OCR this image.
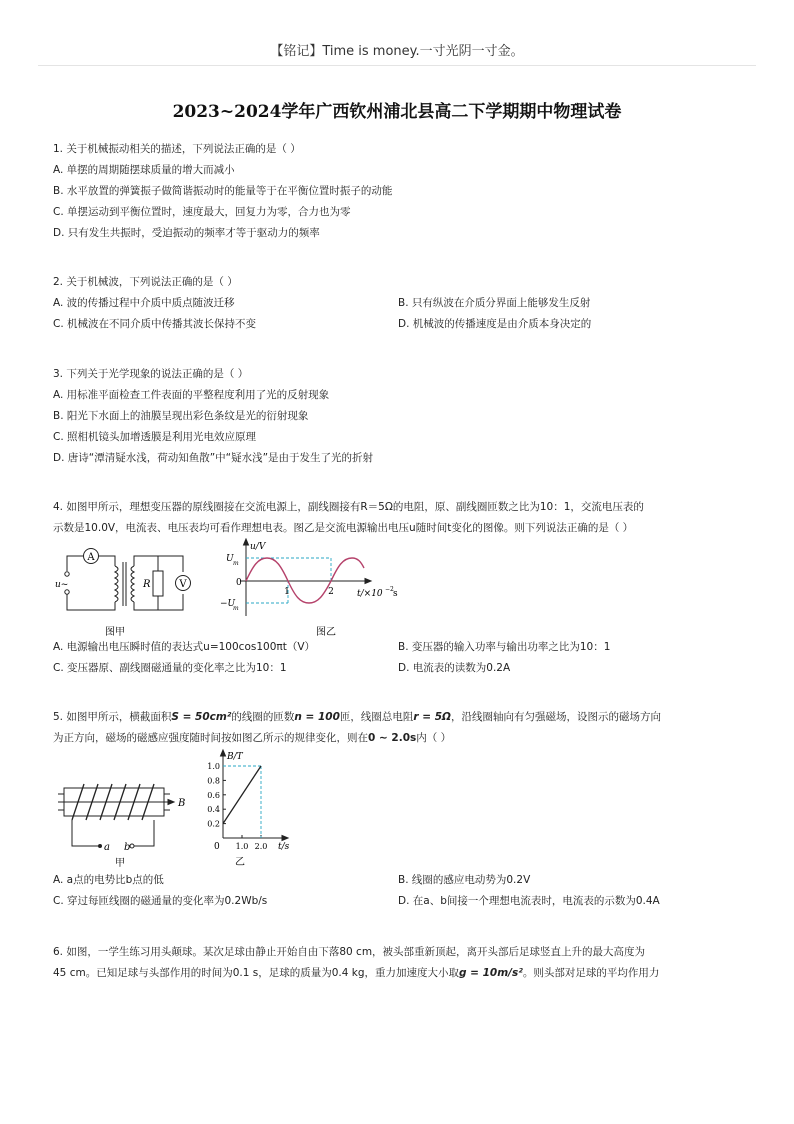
【铭记】Time is money.一寸光阴一寸金。
2023~2024学年广西钦州浦北县高二下学期期中物理试卷
1. 关于机械振动相关的描述，下列说法正确的是（ ）
A. 单摆的周期随摆球质量的增大而减小
B. 水平放置的弹簧振子做简谐振动时的能量等于在平衡位置时振子的动能
C. 单摆运动到平衡位置时，速度最大，回复力为零，合力也为零
D. 只有发生共振时，受迫振动的频率才等于驱动力的频率
2. 关于机械波，下列说法正确的是（ ）
A. 波的传播过程中介质中质点随波迁移	B. 只有纵波在介质分界面上能够发生反射
C. 机械波在不同介质中传播其波长保持不变	D. 机械波的传播速度是由介质本身决定的
3. 下列关于光学现象的说法正确的是（ ）
A. 用标准平面检查工件表面的平整程度利用了光的反射现象
B. 阳光下水面上的油膜呈现出彩色条纹是光的衍射现象
C. 照相机镜头加增透膜是利用光电效应原理
D. 唐诗“潭清疑水浅，荷动知鱼散”中“疑水浅”是由于发生了光的折射
4. 如图甲所示，理想变压器的原线圈接在交流电源上，副线圈接有R＝5Ω的电阻，原、副线圈匝数之比为10：1，交流电压表的
示数是10.0V，电流表、电压表均可看作理想电表。图乙是交流电源输出电压u随时间t变化的图像。则下列说法正确的是（ ）
A
V
u~	R
图甲
u/V
U m
0
−U
m
1	2	t/×10 −2 s
图乙
A. 电源输出电压瞬时值的表达式u=100cos100πt（V）	B. 变压器的输入功率与输出功率之比为10：1
C. 变压器原、副线圈磁通量的变化率之比为10：1	D. 电流表的读数为0.2A
5. 如图甲所示，横截面积S = 50cm²的线圈的匝数n = 100匝，线圈总电阻r = 5Ω，沿线圈轴向有匀强磁场，设图示的磁场方向
为正方向，磁场的磁感应强度随时间按如图乙所示的规律变化，则在0 ∼ 2.0s内（ ）
a b
B
甲
1.0
0.8
0.6
0.4
0.2
1.0 2.0
B/T
0	t/s
乙
A. a点的电势比b点的低	B. 线圈的感应电动势为0.2V
C. 穿过每匝线圈的磁通量的变化率为0.2Wb/s	D. 在a、b间接一个理想电流表时，电流表的示数为0.4A
6. 如图，一学生练习用头颠球。某次足球由静止开始自由下落80 cm，被头部重新顶起，离开头部后足球竖直上升的最大高度为
45 cm。已知足球与头部作用的时间为0.1 s，足球的质量为0.4 kg，重力加速度大小取g = 10m/s²。则头部对足球的平均作用力
